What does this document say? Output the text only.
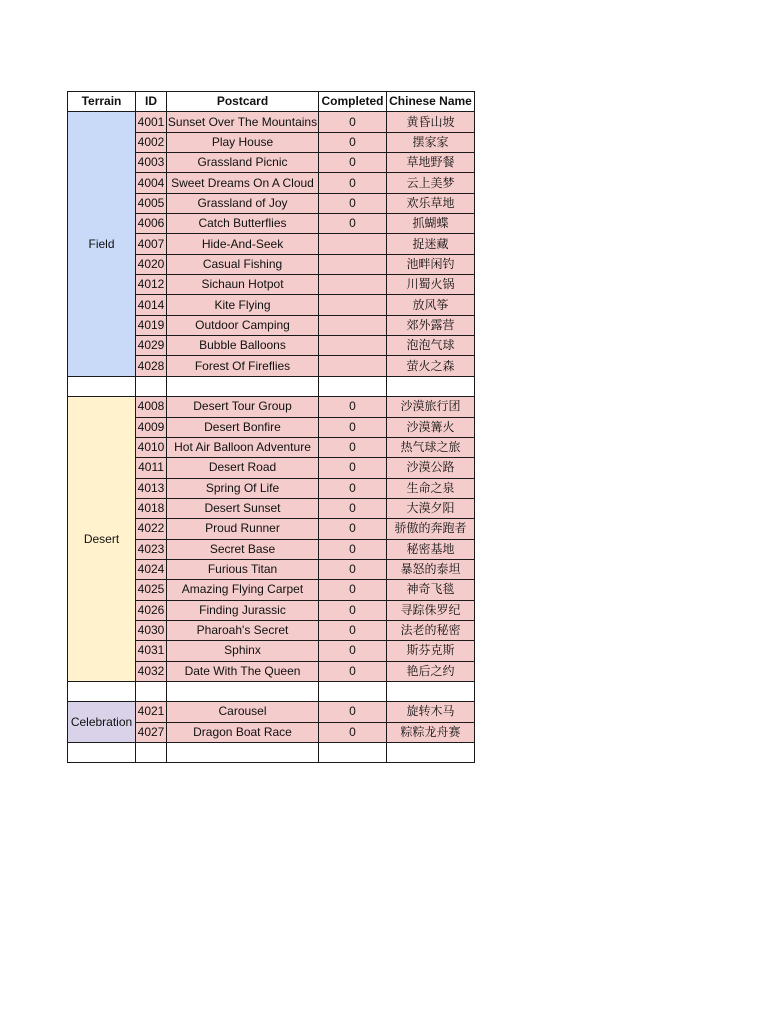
Terrain	ID	Postcard	Completed	Chinese Name
Field	4001	Sunset Over The Mountains	0	黄昏山坡
	4002	Play House	0	摆家家
	4003	Grassland Picnic	0	草地野餐
	4004	Sweet Dreams On A Cloud	0	云上美梦
	4005	Grassland of Joy	0	欢乐草地
	4006	Catch Butterflies	0	抓蝴蝶
	4007	Hide-And-Seek		捉迷藏
	4020	Casual Fishing		池畔闲钓
	4012	Sichaun Hotpot		川蜀火锅
	4014	Kite Flying		放风筝
	4019	Outdoor Camping		郊外露营
	4029	Bubble Balloons		泡泡气球
	4028	Forest Of Fireflies		萤火之森

Desert	4008	Desert Tour Group	0	沙漠旅行团
	4009	Desert Bonfire	0	沙漠篝火
	4010	Hot Air Balloon Adventure	0	热气球之旅
	4011	Desert Road	0	沙漠公路
	4013	Spring Of Life	0	生命之泉
	4018	Desert Sunset	0	大漠夕阳
	4022	Proud Runner	0	骄傲的奔跑者
	4023	Secret Base	0	秘密基地
	4024	Furious Titan	0	暴怒的泰坦
	4025	Amazing Flying Carpet	0	神奇飞毯
	4026	Finding Jurassic	0	寻踪侏罗纪
	4030	Pharoah's Secret	0	法老的秘密
	4031	Sphinx	0	斯芬克斯
	4032	Date With The Queen	0	艳后之约

Celebration	4021	Carousel	0	旋转木马
	4027	Dragon Boat Race	0	粽粽龙舟赛
